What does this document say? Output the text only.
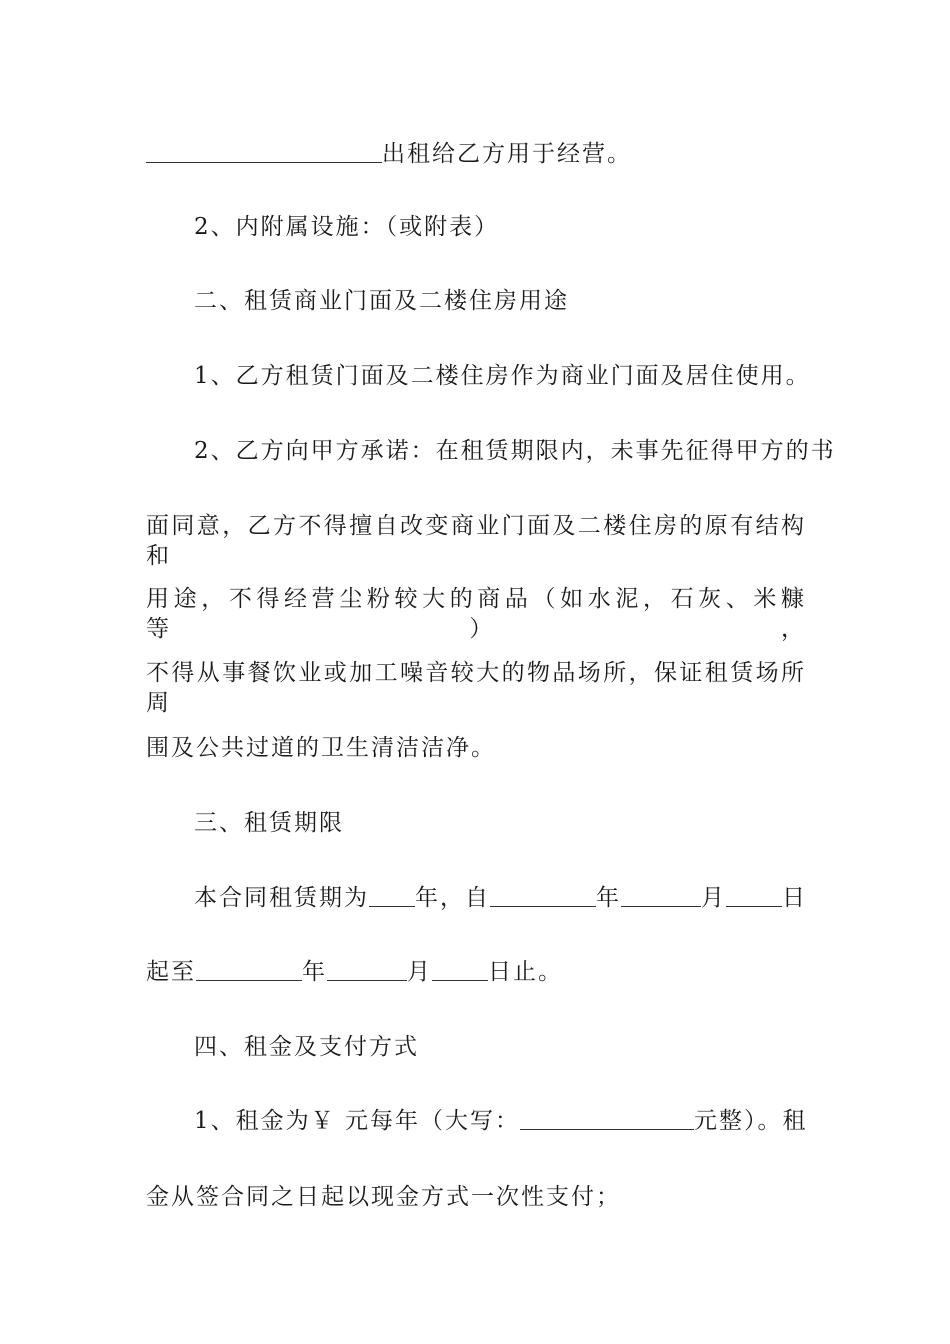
出租给乙方用于经营。
2、内附属设施：（或附表）
二、租赁商业门面及二楼住房用途
1、乙方租赁门面及二楼住房作为商业门面及居住使用。
2、乙方向甲方承诺：在租赁期限内，未事先征得甲方的书
面同意，乙方不得擅自改变商业门面及二楼住房的原有结构和
用途，不得经营尘粉较大的商品（如水泥，石灰、米糠等），
不得从事餐饮业或加工噪音较大的物品场所，保证租赁场所周
围及公共过道的卫生清洁洁净。
三、租赁期限
本合同租赁期为 年，自	年	月 日
起至	年	月 日止。
四、租金及支付方式
1、租金为￥ 元每年（大写：	元整）。租
金从签合同之日起以现金方式一次性支付；
